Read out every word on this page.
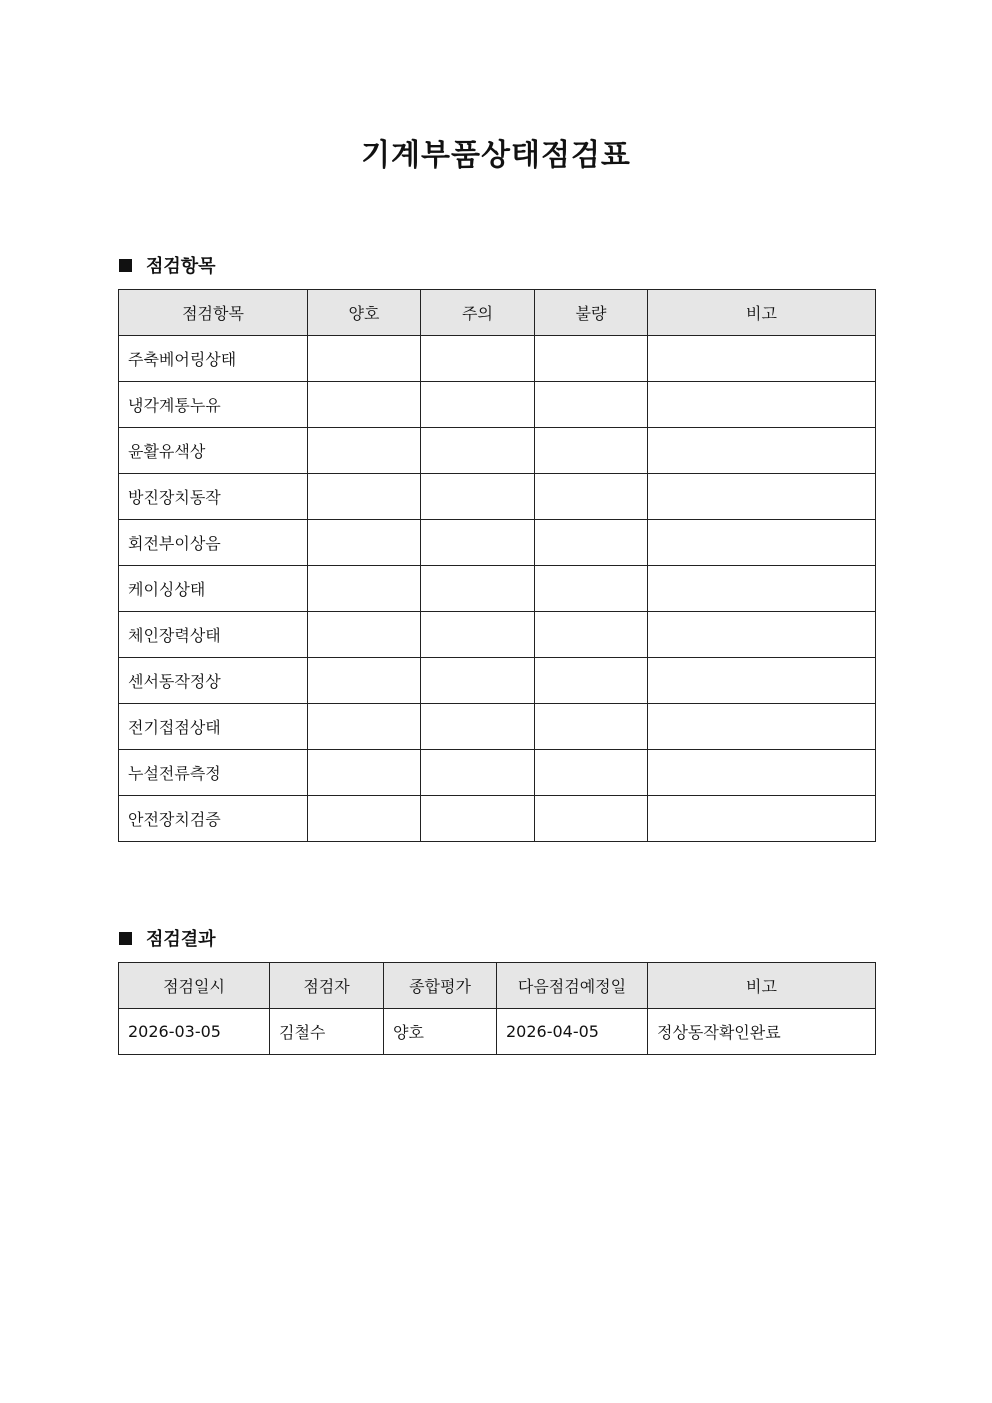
기계부품상태점검표
점검항목
점검항목	양호	주의	불량	비고
주축베어링상태				
냉각계통누유				
윤활유색상				
방진장치동작				
회전부이상음				
케이싱상태				
체인장력상태				
센서동작정상				
전기접점상태				
누설전류측정				
안전장치검증				
점검결과
점검일시	점검자	종합평가	다음점검예정일	비고
2026-03-05	김철수	양호	2026-04-05	정상동작확인완료
